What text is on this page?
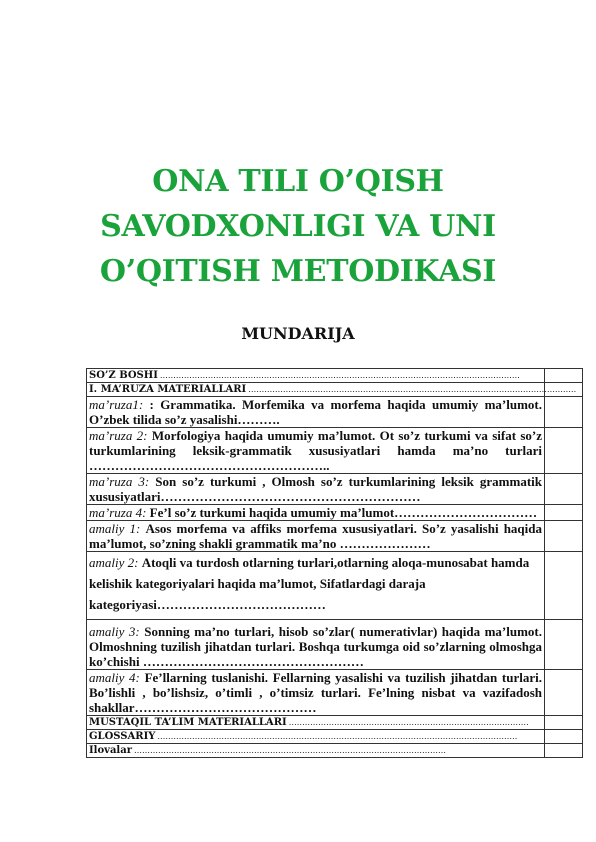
ONA TILI O’QISH
SAVODXONLIGI VA UNI
O’QITISH METODIKASI
MUNDARIJA
SO’Z BOSHI ………………………………………………………………………………………………………………………	

I. MA’RUZA MATERIALLARI ……………………………………………………………………………………………………………	

ma’ruza1: : Grammatika. Morfemika va morfema haqida umumiy ma’lumot. O’zbek tilida so’z yasalishi……….	

ma’ruza 2: Morfologiya haqida umumiy ma’lumot. Ot so’z turkumi va sifat so’z turkumlarining leksik-grammatik xususiyatlari hamda ma’no turlari ………………………………………………..	

ma’ruza 3: Son so’z turkumi , Olmosh so’z turkumlarining leksik grammatik xususiyatlari……………………………………………………	

ma’ruza 4: Fe’l so’z turkumi haqida umumiy ma’lumot……………………………	

amaliy 1: Asos morfema va affiks morfema xususiyatlari. So’z yasalishi haqida ma’lumot, so’zning shakli grammatik ma’no …………………	

amaliy 2: Atoqli va turdosh otlarning turlari,otlarning aloqa-munosabat hamda kelishik kategoriyalari haqida ma’lumot, Sifatlardagi daraja kategoriyasi…………………………………	

amaliy 3: Sonning ma’no turlari, hisob so’zlar( numerativlar) haqida ma’lumot. Olmoshning tuzilish jihatdan turlari. Boshqa turkumga oid so’zlarning olmoshga ko’chishi ……………………………………………	

amaliy 4: Fe’llarning tuslanishi. Fellarning yasalishi va tuzilish jihatdan turlari. Bo’lishli , bo’lishsiz, o’timli , o’timsiz turlari. Fe’lning nisbat va vazifadosh shakllar……………………………………	

MUSTAQIL TA’LIM MATERIALLARI ………………………………………………………………………………	

GLOSSARIY ………………………………………………………………………………………………………………………	

Ilovalar ………………………………………………………………………………………………………	
